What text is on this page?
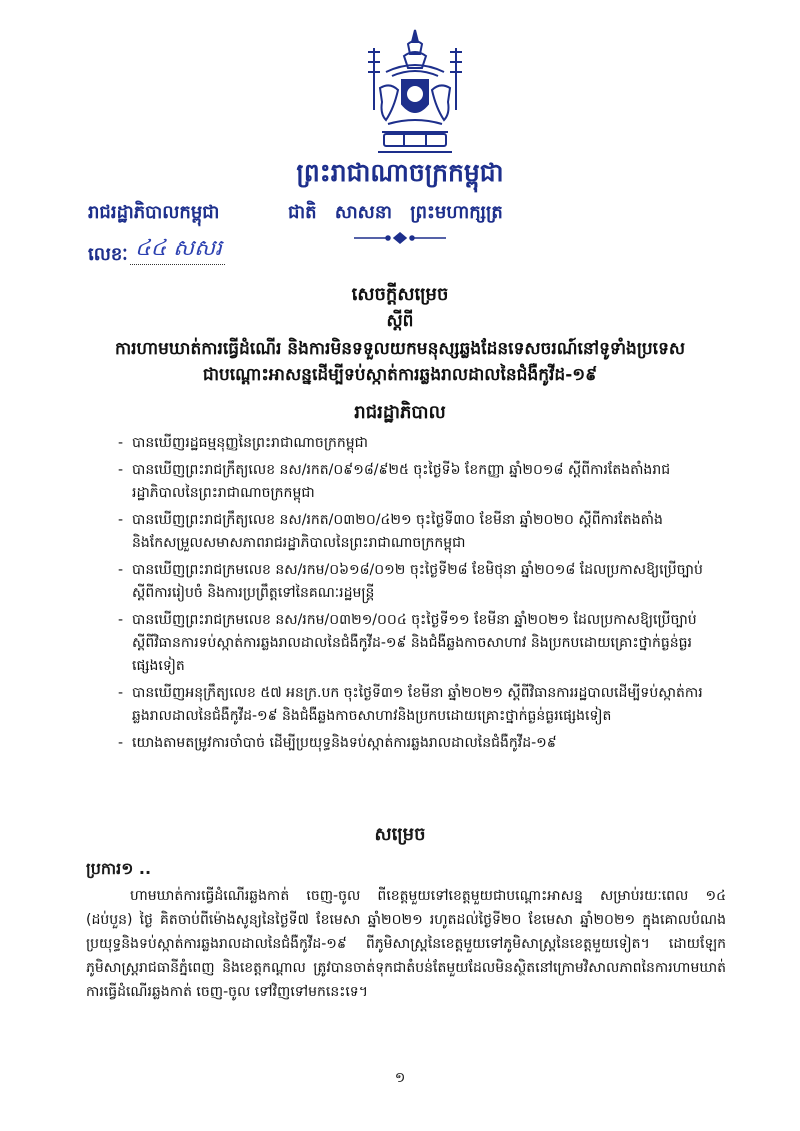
ព្រះរាជាណាចក្រកម្ពុជា
រាជរដ្ឋាភិបាលកម្ពុជា	ជាតិ សាសនា ព្រះមហាក្សត្រ
លេខៈ ៤៤ សសរ
សេចក្ដីសម្រេច
ស្ដីពី
ការហាមឃាត់ការធ្វើដំណើរ និងការមិនទទួលយកមនុស្សឆ្លងដែនទេសចរណ៍នៅទូទាំងប្រទេស
ជាបណ្ដោះអាសន្នដើម្បីទប់ស្កាត់ការឆ្លងរាលដាលនៃជំងឺកូវីដ-១៩
រាជរដ្ឋាភិបាល
- បានឃើញរដ្ឋធម្មនុញ្ញនៃព្រះរាជាណាចក្រកម្ពុជា
- បានឃើញព្រះរាជក្រឹត្យលេខ នស/រកត/០៩១៨/៩២៥ ចុះថ្ងៃទី៦ ខែកញ្ញា ឆ្នាំ២០១៨ ស្ដីពីការតែងតាំងរាជរដ្ឋាភិបាលនៃព្រះរាជាណាចក្រកម្ពុជា
- បានឃើញព្រះរាជក្រឹត្យលេខ នស/រកត/០៣២០/៤២១ ចុះថ្ងៃទី៣០ ខែមីនា ឆ្នាំ២០២០ ស្ដីពីការតែងតាំង និងកែសម្រួលសមាសភាពរាជរដ្ឋាភិបាលនៃព្រះរាជាណាចក្រកម្ពុជា
- បានឃើញព្រះរាជក្រមលេខ នស/រកម/០៦១៨/០១២ ចុះថ្ងៃទី២៨ ខែមិថុនា ឆ្នាំ២០១៨ ដែលប្រកាសឱ្យប្រើច្បាប់ស្ដីពីការរៀបចំ និងការប្រព្រឹត្តទៅនៃគណៈរដ្ឋមន្ត្រី
- បានឃើញព្រះរាជក្រមលេខ នស/រកម/០៣២១/០០៤ ចុះថ្ងៃទី១១ ខែមីនា ឆ្នាំ២០២១ ដែលប្រកាសឱ្យប្រើច្បាប់ស្ដីពីវិធានការទប់ស្កាត់ការឆ្លងរាលដាលនៃជំងឺកូវីដ-១៩ និងជំងឺឆ្លងកាចសាហាវ និងប្រកបដោយគ្រោះថ្នាក់ធ្ងន់ធ្ងរផ្សេងទៀត
- បានឃើញអនុក្រឹត្យលេខ ៥៧ អនក្រ.បក ចុះថ្ងៃទី៣១ ខែមីនា ឆ្នាំ២០២១ ស្ដីពីវិធានការរដ្ឋបាលដើម្បីទប់ស្កាត់ការឆ្លងរាលដាលនៃជំងឺកូវីដ-១៩ និងជំងឺឆ្លងកាចសាហាវនិងប្រកបដោយគ្រោះថ្នាក់ធ្ងន់ធ្ងរផ្សេងទៀត
- យោងតាមតម្រូវការចាំបាច់ ដើម្បីប្រយុទ្ធនិងទប់ស្កាត់ការឆ្លងរាលដាលនៃជំងឺកូវីដ-១៩
សម្រេច
ប្រការ១ ..
ហាមឃាត់ការធ្វើដំណើរឆ្លងកាត់ ចេញ-ចូល ពីខេត្តមួយទៅខេត្តមួយជាបណ្ដោះអាសន្ន សម្រាប់រយៈពេល ១៤ (ដប់បួន) ថ្ងៃ គិតចាប់ពីម៉ោងសូន្យនៃថ្ងៃទី៧ ខែមេសា ឆ្នាំ២០២១ រហូតដល់ថ្ងៃទី២០ ខែមេសា ឆ្នាំ២០២១ ក្នុងគោលបំណងប្រយុទ្ធនិងទប់ស្កាត់ការឆ្លងរាលដាលនៃជំងឺកូវីដ-១៩ ពីភូមិសាស្ត្រនៃខេត្តមួយទៅភូមិសាស្ត្រនៃខេត្តមួយទៀត។ ដោយឡែក ភូមិសាស្ត្ររាជធានីភ្នំពេញ និងខេត្តកណ្ដាល ត្រូវបានចាត់ទុកជាតំបន់តែមួយដែលមិនស្ថិតនៅក្រោមវិសាលភាពនៃការហាមឃាត់ការធ្វើដំណើរឆ្លងកាត់ ចេញ-ចូល ទៅវិញទៅមកនេះទេ។
១
